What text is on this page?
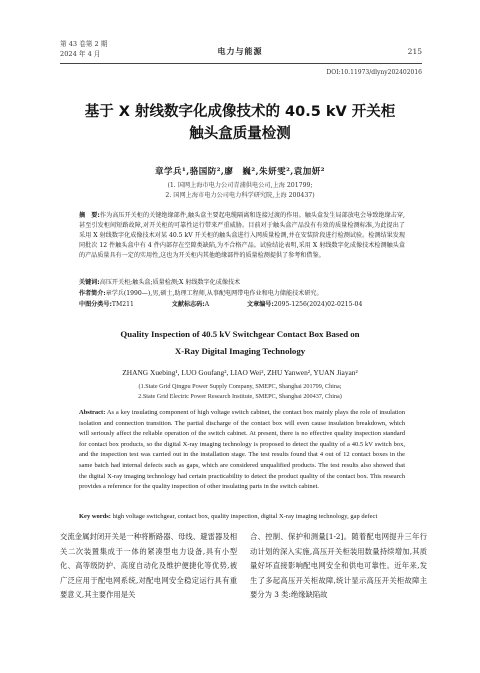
第 43 卷第 2 期
2024 年 4 月	电力与能源	215
DOI:10.11973/dlyny202402016
基于 X 射线数字化成像技术的 40.5 kV 开关柜
触头盒质量检测
章学兵¹,骆国防²,廖　巍²,朱妍雯²,袁加妍²
(1. 国网上海市电力公司青浦供电公司,上海 201799;
2. 国网上海市电力公司电力科学研究院,上海 200437)
摘　要:作为高压开关柜的关键绝缘部件,触头盒主要起电缆隔离和连接过渡的作用。触头盒发生局部放电会导致绝缘击穿,甚至引发柜间短路故障,对开关柜的可靠性运行带来严重威胁。目前对于触头盒产品没有有效的质量检测标准,为此提出了采用 X 射线数字化成像技术对某 40.5 kV 开关柜的触头盒进行入网质量检测,并在安装阶段进行检测试验。检测结果发现同批次 12 件触头盒中有 4 件内部存在空隙类缺陷,为不合格产品。试验结论表明,采用 X 射线数字化成像技术检测触头盒的产品质量具有一定的实用性,这也为开关柜内其他绝缘部件的质量检测提供了参考和借鉴。
关键词:高压开关柜;触头盒;质量检测;X 射线数字化成像技术
作者简介:章学兵(1990—),男,硕士,助理工程师,从事配电网带电作业和电力储能技术研究。
中图分类号:TM211	文献标志码:A	文章编号:2095-1256(2024)02-0215-04
Quality Inspection of 40.5 kV Switchgear Contact Box Based on
X-Ray Digital Imaging Technology
ZHANG Xuebing¹, LUO Goufang², LIAO Wei², ZHU Yanwen², YUAN Jiayan²
(1.State Grid Qingpu Power Supply Company, SMEPC, Shanghai 201799, China;
2.State Grid Electric Power Research Institute, SMEPC, Shanghai 200437, China)
Abstract: As a key insulating component of high voltage switch cabinet, the contact box mainly plays the role of insulation isolation and connection transition. The partial discharge of the contact box will even cause insulation breakdown, which will seriously affect the reliable operation of the switch cabinet. At present, there is no effective quality inspection standard for contact box products, so the digital X-ray imaging technology is proposed to detect the quality of a 40.5 kV switch box, and the inspection test was carried out in the installation stage. The test results found that 4 out of 12 contact boxes in the same batch had internal defects such as gaps, which are considered unqualified products. The test results also showed that the digital X-ray imaging technology had certain practicability to detect the product quality of the contact box. This research provides a reference for the quality inspection of other insulating parts in the switch cabinet.
Key words: high voltage switchgear, contact box, quality inspection, digital X-ray imaging technology, gap defect
交流金属封闭开关是一种将断路器、母线、避雷器及相关二次装置集成于一体的紧凑型电力设备,具有小型化、高等级防护、高度自动化及维护便捷化等优势,被广泛应用于配电网系统,对配电网安全稳定运行具有重要意义,其主要作用是关
合、控制、保护和测量[1-2]。随着配电网提升三年行动计划的深入实施,高压开关柜装用数量持续增加,其质量好坏直接影响配电网安全和供电可靠性。近年来,发生了多起高压开关柜故障,统计显示高压开关柜故障主要分为 3 类:绝缘缺陷故
